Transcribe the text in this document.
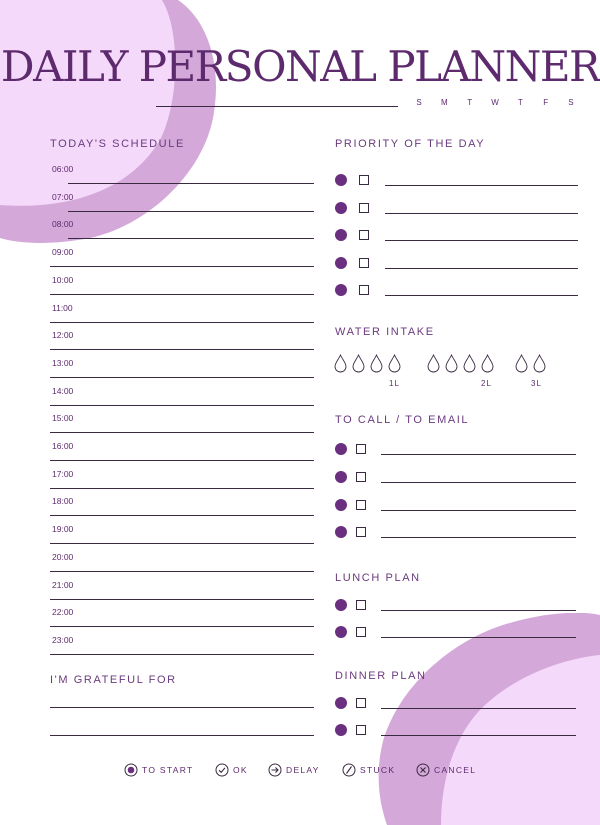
DAILY PERSONAL PLANNER
S M	T	W	T	F	S
TODAY'S SCHEDULE
06:00
07:00
08:00
09:00
10:00
11:00
12:00
13:00
14:00
15:00
16:00
17:00
18:00
19:00
20:00
21:00
22:00
23:00
I'M GRATEFUL FOR
PRIORITY OF THE DAY
WATER INTAKE
1L	2L	3L
TO CALL / TO EMAIL
LUNCH PLAN
DINNER PLAN
TO START	OK	DELAY	STUCK	CANCEL
